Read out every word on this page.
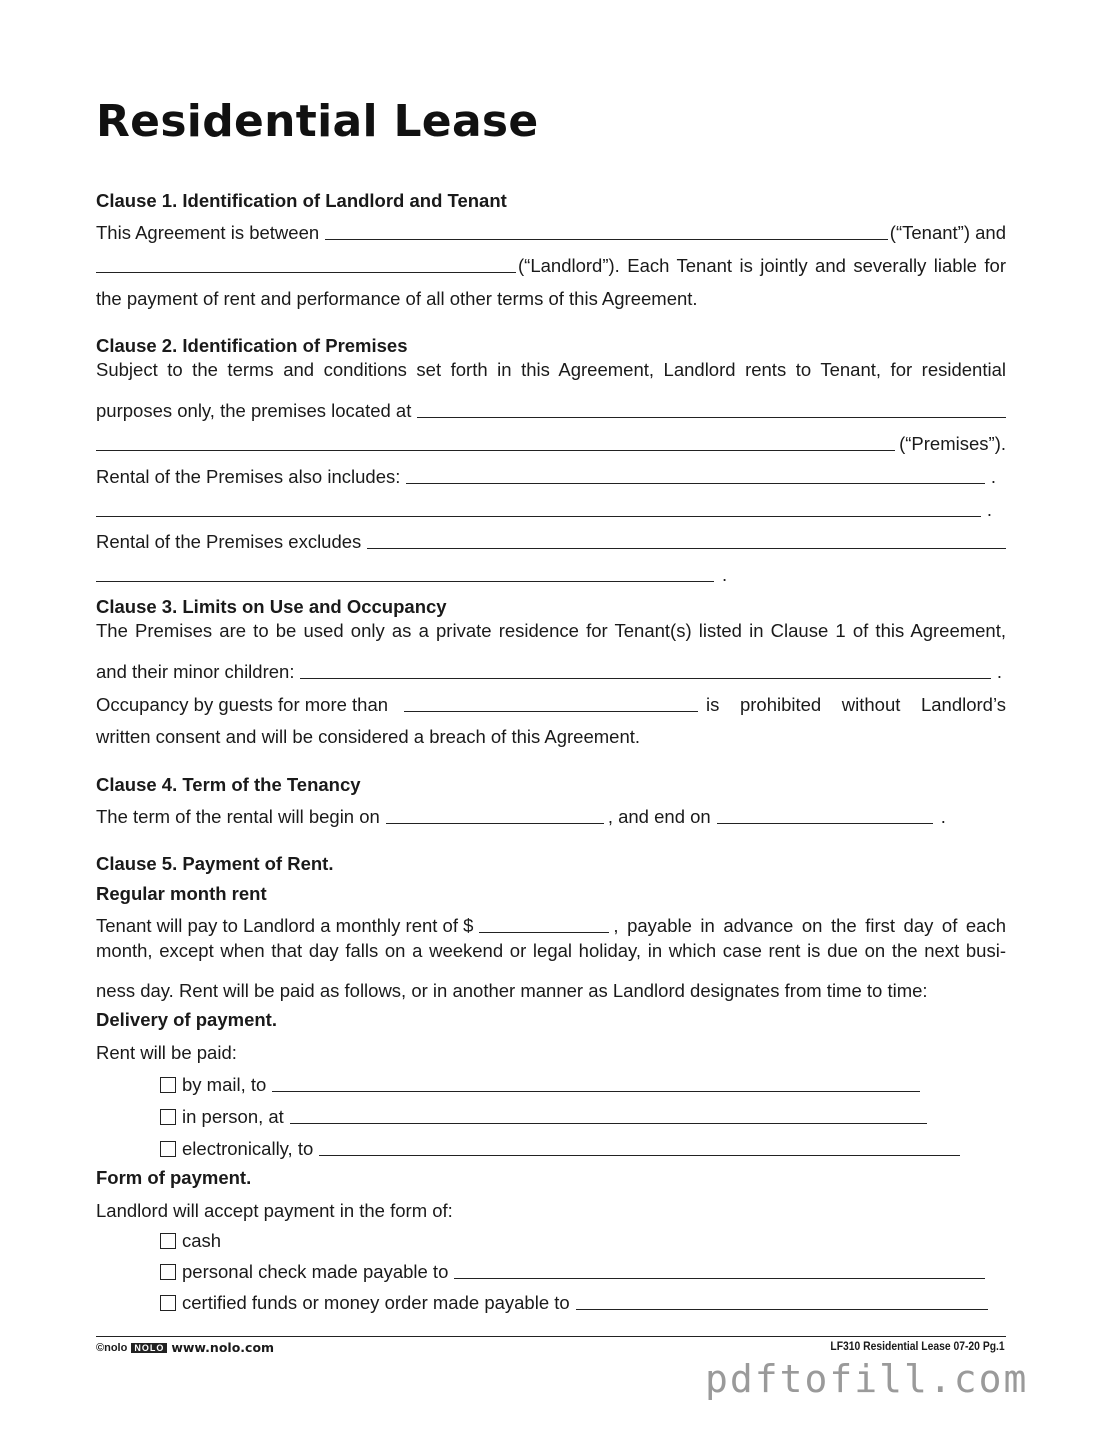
Residential Lease
Clause 1. Identification of Landlord and Tenant
This Agreement is between	(“Tenant”) and
(“Landlord”). Each Tenant is jointly and severally liable for
the payment of rent and performance of all other terms of this Agreement.
Clause 2. Identification of Premises
Subject to the terms and conditions set forth in this Agreement, Landlord rents to Tenant, for residential
purposes only, the premises located at
(“Premises”).
Rental of the Premises also includes:	.
.
Rental of the Premises excludes
.
Clause 3. Limits on Use and Occupancy
The Premises are to be used only as a private residence for Tenant(s) listed in Clause 1 of this Agreement,
and their minor children:	.
Occupancy by guests for more than	is prohibited without Landlord’s
written consent and will be considered a breach of this Agreement.
Clause 4. Term of the Tenancy
The term of the rental will begin on	, and end on	.
Clause 5. Payment of Rent.
Regular month rent
Tenant will pay to Landlord a monthly rent of $	, payable in advance on the first day of each
month, except when that day falls on a weekend or legal holiday, in which case rent is due on the next busi-
ness day. Rent will be paid as follows, or in another manner as Landlord designates from time to time:
Delivery of payment.
Rent will be paid:
by mail, to
in person, at
electronically, to
Form of payment.
Landlord will accept payment in the form of:
cash
personal check made payable to
certified funds or money order made payable to
©nolo NOLO www.nolo.com	LF310 Residential Lease 07-20 Pg.1
pdftofill.com
